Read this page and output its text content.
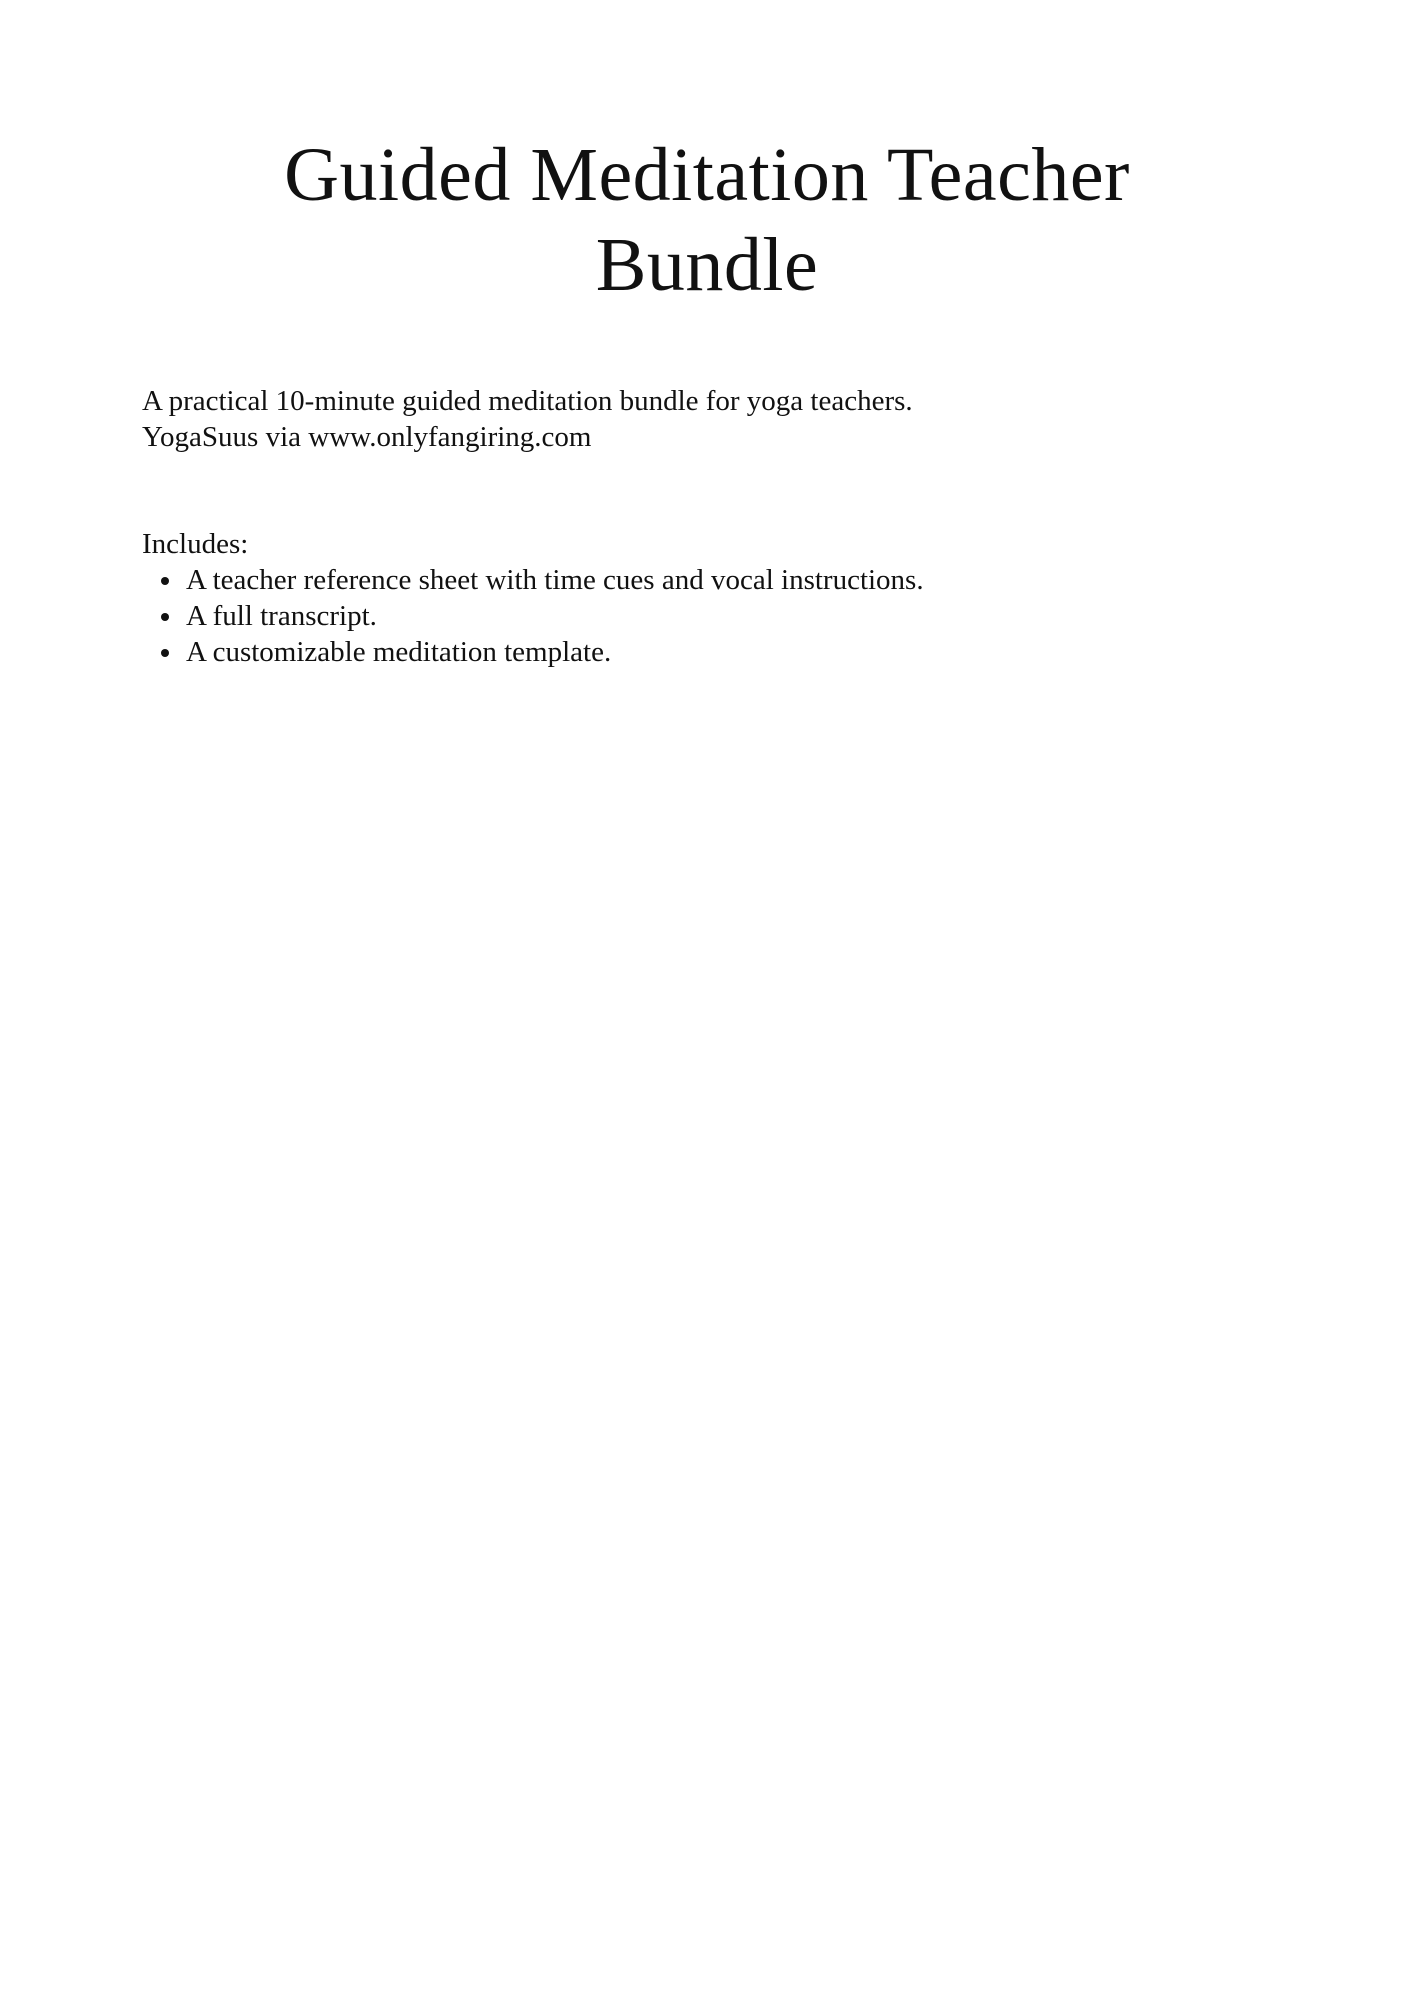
Guided Meditation Teacher
Bundle

A practical 10-minute guided meditation bundle for yoga teachers.

YogaSuus via www.onlyfangiring.com

Includes:

A teacher reference sheet with time cues and vocal instructions.
A full transcript.
A customizable meditation template.
